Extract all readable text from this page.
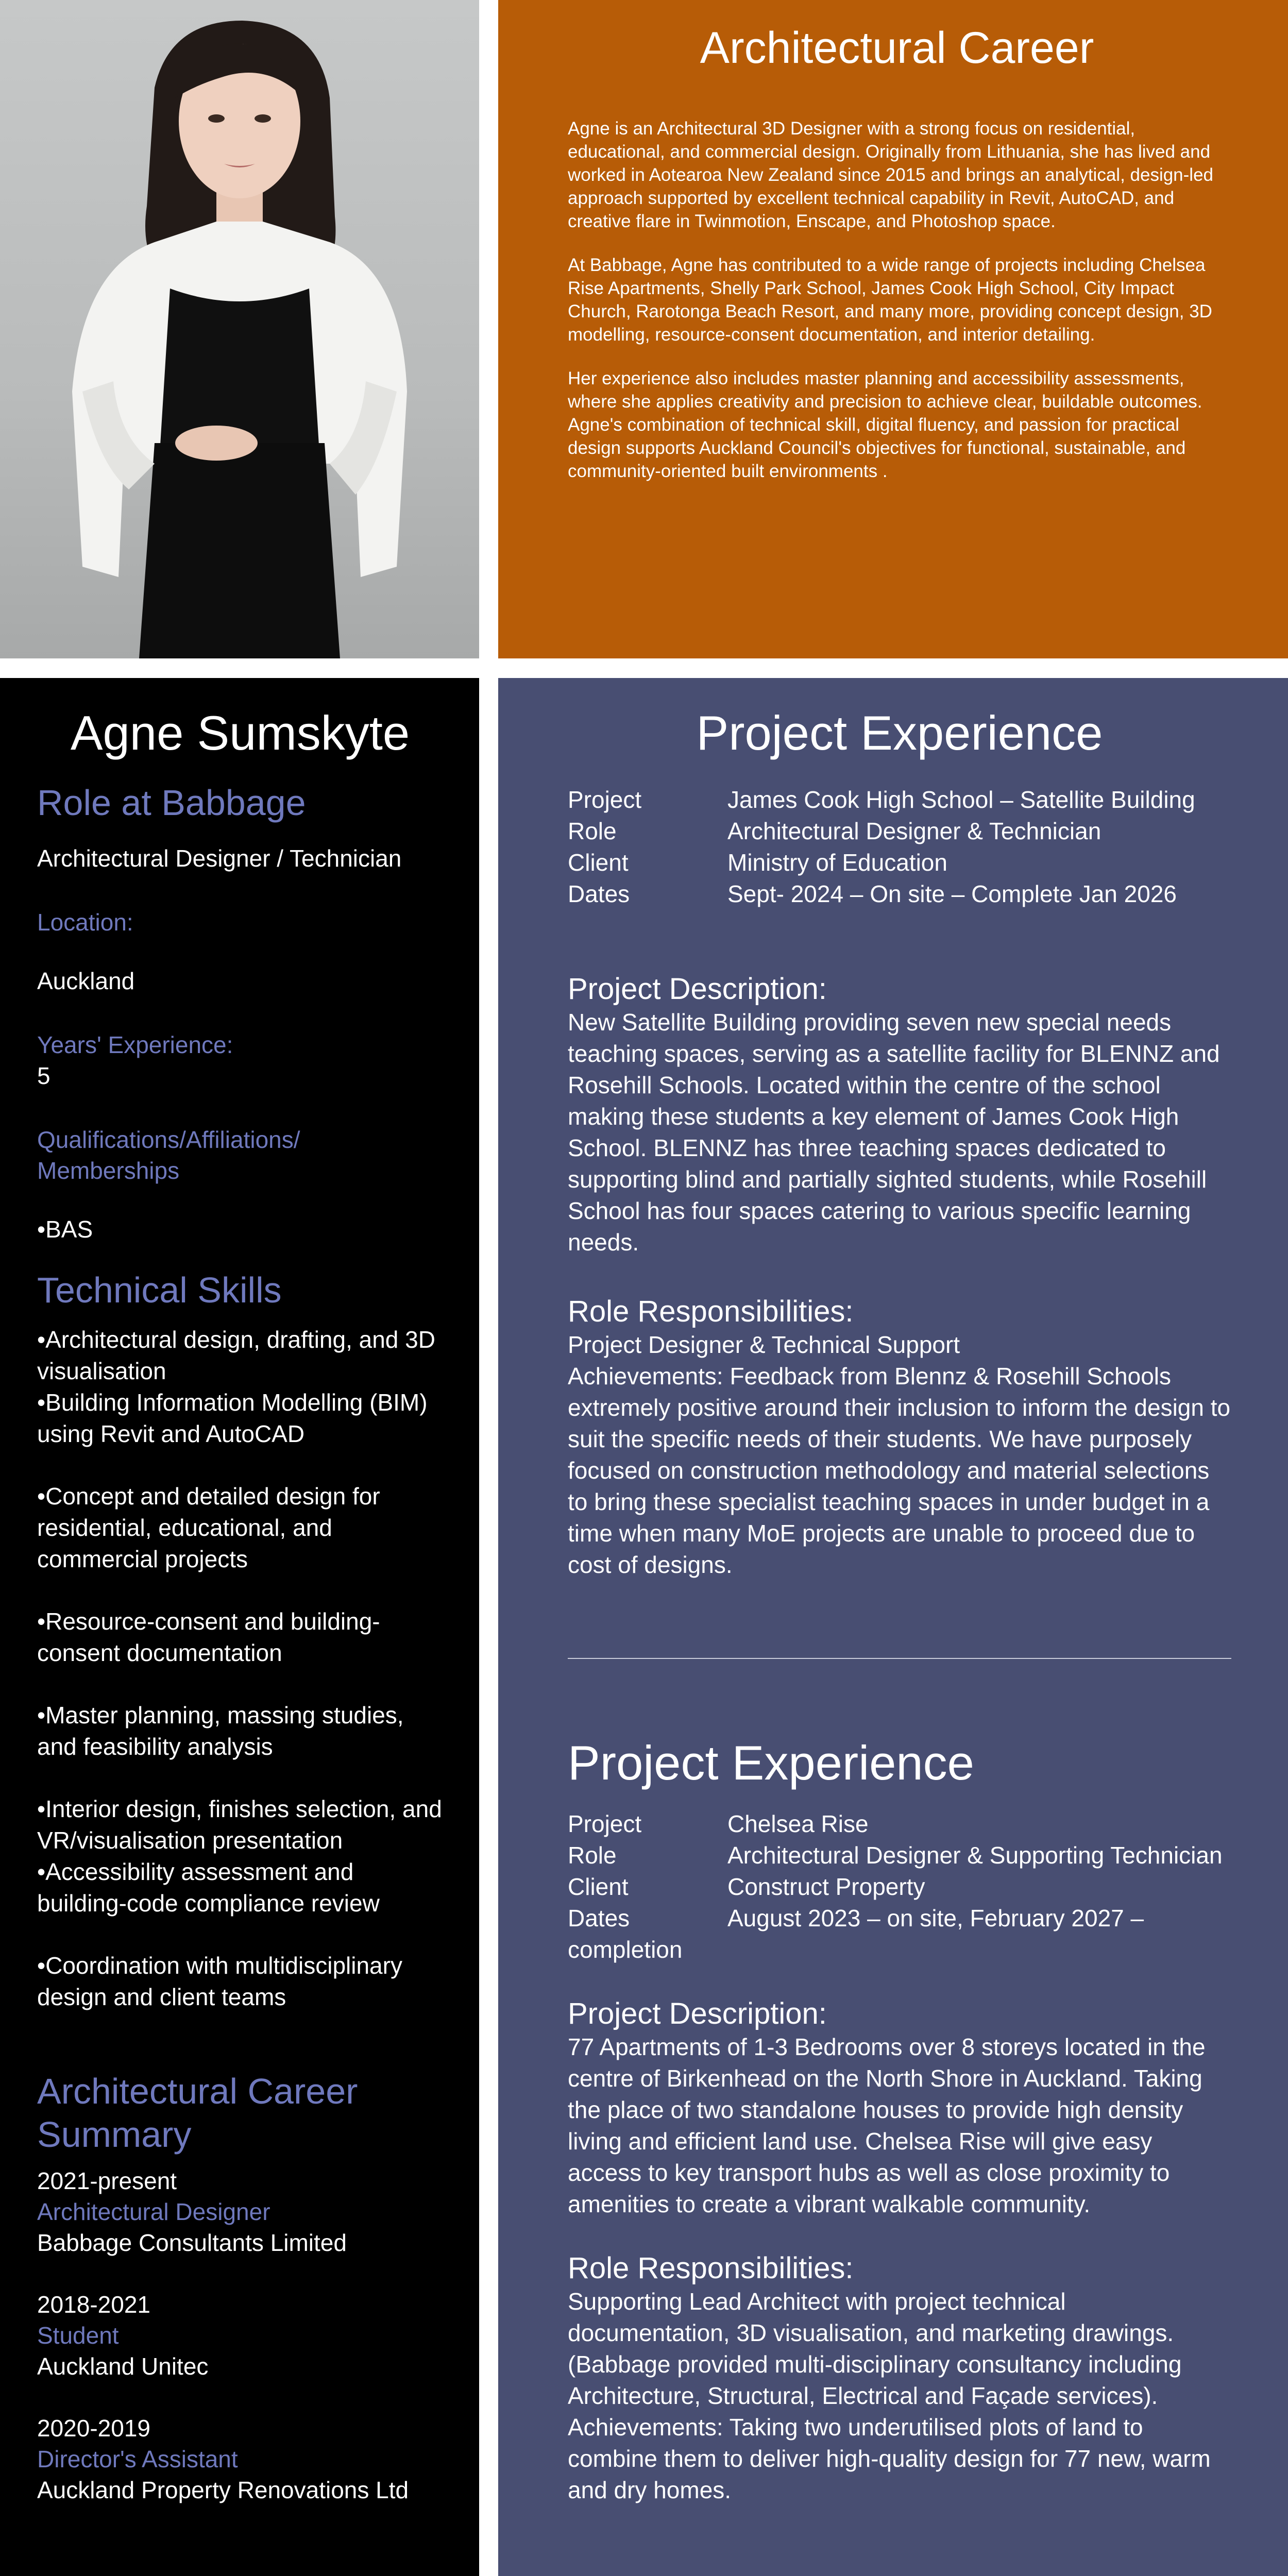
Architectural Career

Agne is an Architectural 3D Designer with a strong focus on residential, educational, and commercial design. Originally from Lithuania, she has lived and worked in Aotearoa New Zealand since 2015 and brings an analytical, design-led approach supported by excellent technical capability in Revit, AutoCAD, and creative flare in Twinmotion, Enscape, and Photoshop space.

At Babbage, Agne has contributed to a wide range of projects including Chelsea Rise Apartments, Shelly Park School, James Cook High School, City Impact Church, Rarotonga Beach Resort, and many more, providing concept design, 3D modelling, resource-consent documentation, and interior detailing.

Her experience also includes master planning and accessibility assessments, where she applies creativity and precision to achieve clear, buildable outcomes. Agne's combination of technical skill, digital fluency, and passion for practical design supports Auckland Council's objectives for functional, sustainable, and community-oriented built environments .

Agne Sumskyte
Role at Babbage
Architectural Designer / Technician
Location:
Auckland
Years' Experience:
5
Qualifications/Affiliations/ Memberships
•BAS
Technical Skills
•Architectural design, drafting, and 3D visualisation
•Building Information Modelling (BIM) using Revit and AutoCAD
•Concept and detailed design for residential, educational, and commercial projects
•Resource-consent and building-consent documentation
•Master planning, massing studies, and feasibility analysis
•Interior design, finishes selection, and VR/visualisation presentation
•Accessibility assessment and building-code compliance review
•Coordination with multidisciplinary design and client teams
Architectural Career Summary
2021-present
Architectural Designer
Babbage Consultants Limited
2018-2021
Student
Auckland Unitec
2020-2019
Director's Assistant
Auckland Property Renovations Ltd
Project Experience
Project	James Cook High School – Satellite Building
Role	Architectural Designer & Technician
Client	Ministry of Education
Dates	Sept- 2024 – On site – Complete Jan 2026
Project Description:
New Satellite Building providing seven new special needs teaching spaces, serving as a satellite facility for BLENNZ and Rosehill Schools. Located within the centre of the school making these students a key element of James Cook High School. BLENNZ has three teaching spaces dedicated to supporting blind and partially sighted students, while Rosehill School has four spaces catering to various specific learning needs.
Role Responsibilities:
Project Designer & Technical Support
Achievements: Feedback from Blennz & Rosehill Schools extremely positive around their inclusion to inform the design to suit the specific needs of their students. We have purposely focused on construction methodology and material selections to bring these specialist teaching spaces in under budget in a time when many MoE projects are unable to proceed due to cost of designs.
Project Experience
Project	Chelsea Rise
Role	Architectural Designer & Supporting Technician
Client	Construct Property
Dates	August 2023 – on site, February 2027 –
completion
Project Description:
77 Apartments of 1-3 Bedrooms over 8 storeys located in the centre of Birkenhead on the North Shore in Auckland. Taking the place of two standalone houses to provide high density living and efficient land use. Chelsea Rise will give easy access to key transport hubs as well as close proximity to amenities to create a vibrant walkable community.
Role Responsibilities:
Supporting Lead Architect with project technical documentation, 3D visualisation, and marketing drawings. (Babbage provided multi-disciplinary consultancy including Architecture, Structural, Electrical and Façade services).
Achievements: Taking two underutilised plots of land to combine them to deliver high-quality design for 77 new, warm and dry homes.
